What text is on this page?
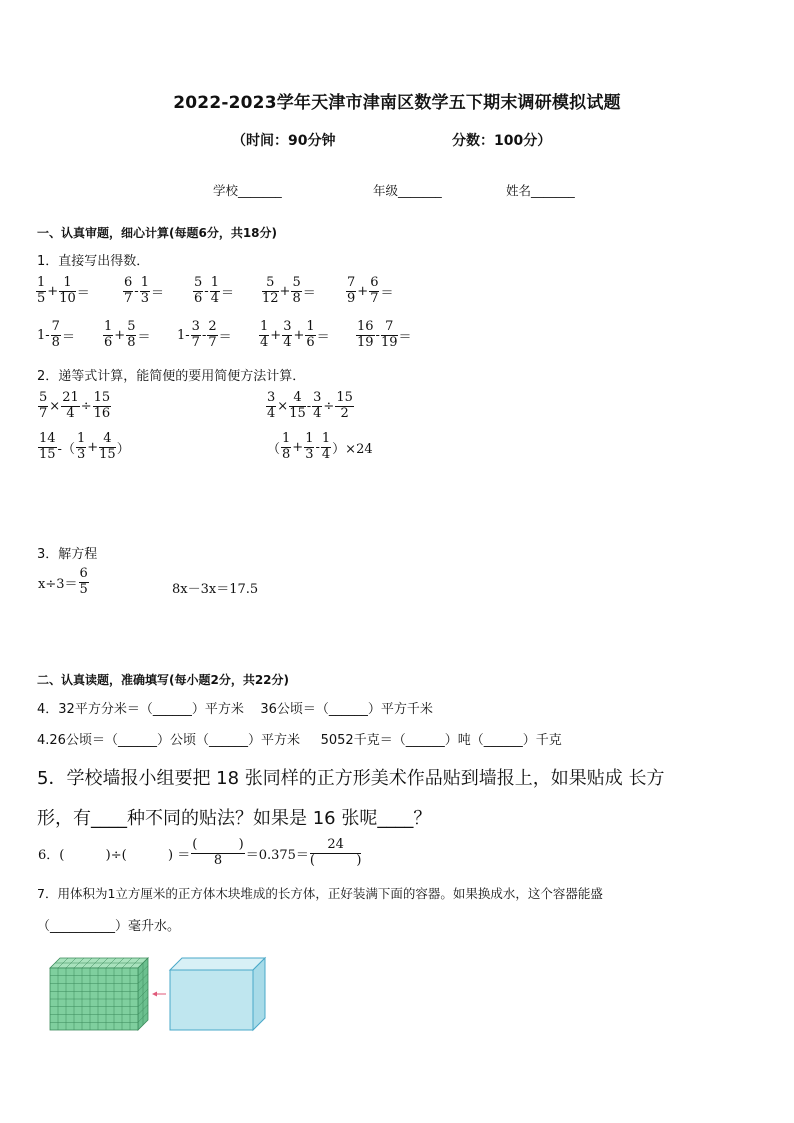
2022-2023学年天津市津南区数学五下期末调研模拟试题
（时间：90分钟	分数：100分）
学校_______	年级_______	姓名_______
一、认真审题，细心计算(每题6分，共18分)
1．直接写出得数．
$\frac{1}{5} + \frac{1}{10}$ ＝	$\frac{6}{7} - \frac{1}{3} = \frac{5}{6} - \frac{1}{4} = \frac{5}{12} + \frac{5}{8} = \frac{7}{9} + \frac{6}{7}$ ＝
$1- \frac{7}{8} = \frac{1}{6} + \frac{5}{8} = 1- \frac{3}{7} - \frac{2}{7} = \frac{1}{4} + \frac{3}{4} + \frac{1}{6} = \frac{16}{19} - \frac{7}{19}$ ＝
2．递等式计算，能简便的要用简便方法计算．
$\frac{5}{7} \times \frac{21}{4} \div \frac{15}{16}$	$\frac{3}{4} \times \frac{4}{15} - \frac{3}{4} \div \frac{15}{2}$
$\frac{14}{15}$ -（ $\frac{1}{3} + \frac{4}{15}$ ）	（ $\frac{1}{8} + \frac{1}{3} - \frac{1}{4} )\times 24$
3．解方程
$x\div 3= \frac{6}{5}$	8x－3x＝17.5
二、认真读题，准确填写(每小题2分，共22分)
4．32平方分米＝（______）平方米    36公顷＝（______）平方千米
4.26公顷＝（______）公顷（______）平方米     5052千克＝（______）吨（______）千克
5．学校墙报小组要把 18 张同样的正方形美术作品贴到墙报上，如果贴成 长方
形，有____种不同的贴法？如果是 16 张呢____？
6．(          )÷(          ) ＝
(          )
8	＝0.375＝
24
(          )
7．用体积为1立方厘米的正方体木块堆成的长方体，正好装满下面的容器。如果换成水，这个容器能盛
（__________）毫升水。
